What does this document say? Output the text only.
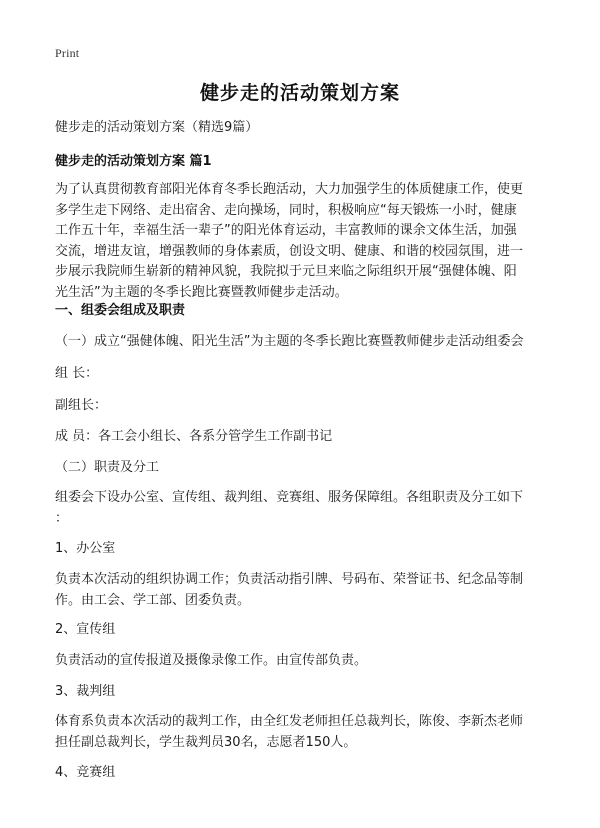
Print
健步走的活动策划方案
健步走的活动策划方案（精选9篇）
健步走的活动策划方案 篇1
为了认真贯彻教育部阳光体育冬季长跑活动，大力加强学生的体质健康工作，使更
多学生走下网络、走出宿舍、走向操场，同时，积极响应“每天锻炼一小时，健康
工作五十年，幸福生活一辈子”的阳光体育运动，丰富教师的课余文体生活，加强
交流，增进友谊，增强教师的身体素质，创设文明、健康、和谐的校园氛围，进一
步展示我院师生崭新的精神风貌，我院拟于元旦来临之际组织开展“强健体魄、阳
光生活”为主题的冬季长跑比赛暨教师健步走活动。
一、组委会组成及职责
（一）成立“强健体魄、阳光生活”为主题的冬季长跑比赛暨教师健步走活动组委会
组 长：
副组长：
成 员：各工会小组长、各系分管学生工作副书记
（二）职责及分工
组委会下设办公室、宣传组、裁判组、竞赛组、服务保障组。各组职责及分工如下
：
1、办公室
负责本次活动的组织协调工作；负责活动指引牌、号码布、荣誉证书、纪念品等制
作。由工会、学工部、团委负责。
2、宣传组
负责活动的宣传报道及摄像录像工作。由宣传部负责。
3、裁判组
体育系负责本次活动的裁判工作，由全红发老师担任总裁判长，陈俊、李新杰老师
担任副总裁判长，学生裁判员30名，志愿者150人。
4、竞赛组
